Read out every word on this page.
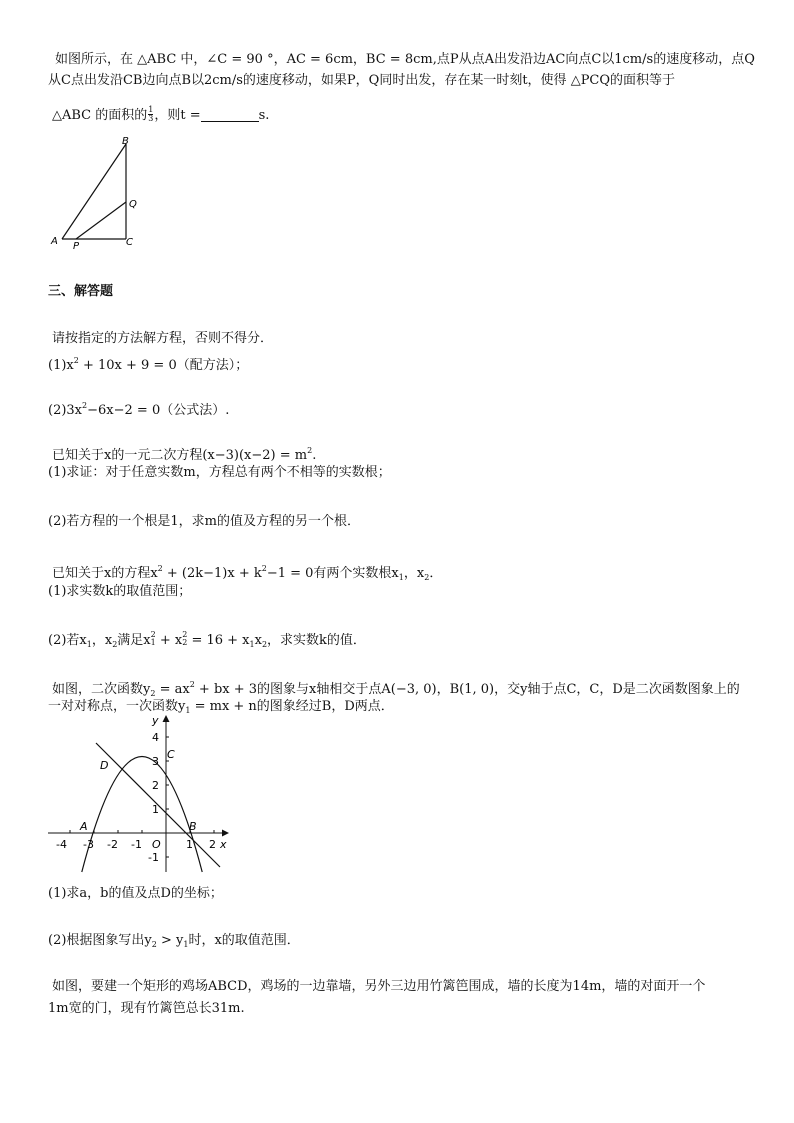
如图所示，在 △ABC 中，∠C = 90 °，AC = 6cm，BC = 8cm,点P从点A出发沿边AC向点C以1cm/s的速度移动，点Q
从C点出发沿CB边向点B以2cm/s的速度移动，如果P，Q同时出发，存在某一时刻t，使得 △PCQ的面积等于
△ABC 的面积的 $\frac{1}{3}$ ，则t =	s.
B
Q
A P	C
三、解答题
请按指定的方法解方程，否则不得分．
$(1)x^2 + 10x + 9 = 0$（配方法）；
$(2)3x^2-6x-2 = 0$（公式法）.
已知关于x的一元二次方程$(x-3)(x-2) = m^2$.
(1)求证：对于任意实数m，方程总有两个不相等的实数根；
(2)若方程的一个根是1，求m的值及方程的另一个根．
已知关于x的方程$x^2 + (2k-1)x + k^2-1 = 0$有两个实数根$x_1$，$x_2$．
(1)求实数k的取值范围；
(2)若$x_1$，$x_2$满足x 2
1 + x 2
$2 = 16 + x_1x_2$，求实数k的值．
如图，二次函数$y_2 = ax^2$ + bx + 3的图象与x轴相交于点A(−3, 0)，B(1, 0)，交y轴于点C，C，D是二次函数图象上的
一对对称点，一次函数$y_1$ = mx + n的图象经过B，D两点．
-4 -3 -2 -1	1 2
4
3
2
1
-1
O	x
y
A	B
C
D
(1)求a，b的值及点D的坐标；
(2)根据图象写出$y_2 > y_1$时，x的取值范围．
如图，要建一个矩形的鸡场ABCD，鸡场的一边靠墙，另外三边用竹篱笆围成，墙的长度为14m，墙的对面开一个
1m宽的门，现有竹篱笆总长31m.
